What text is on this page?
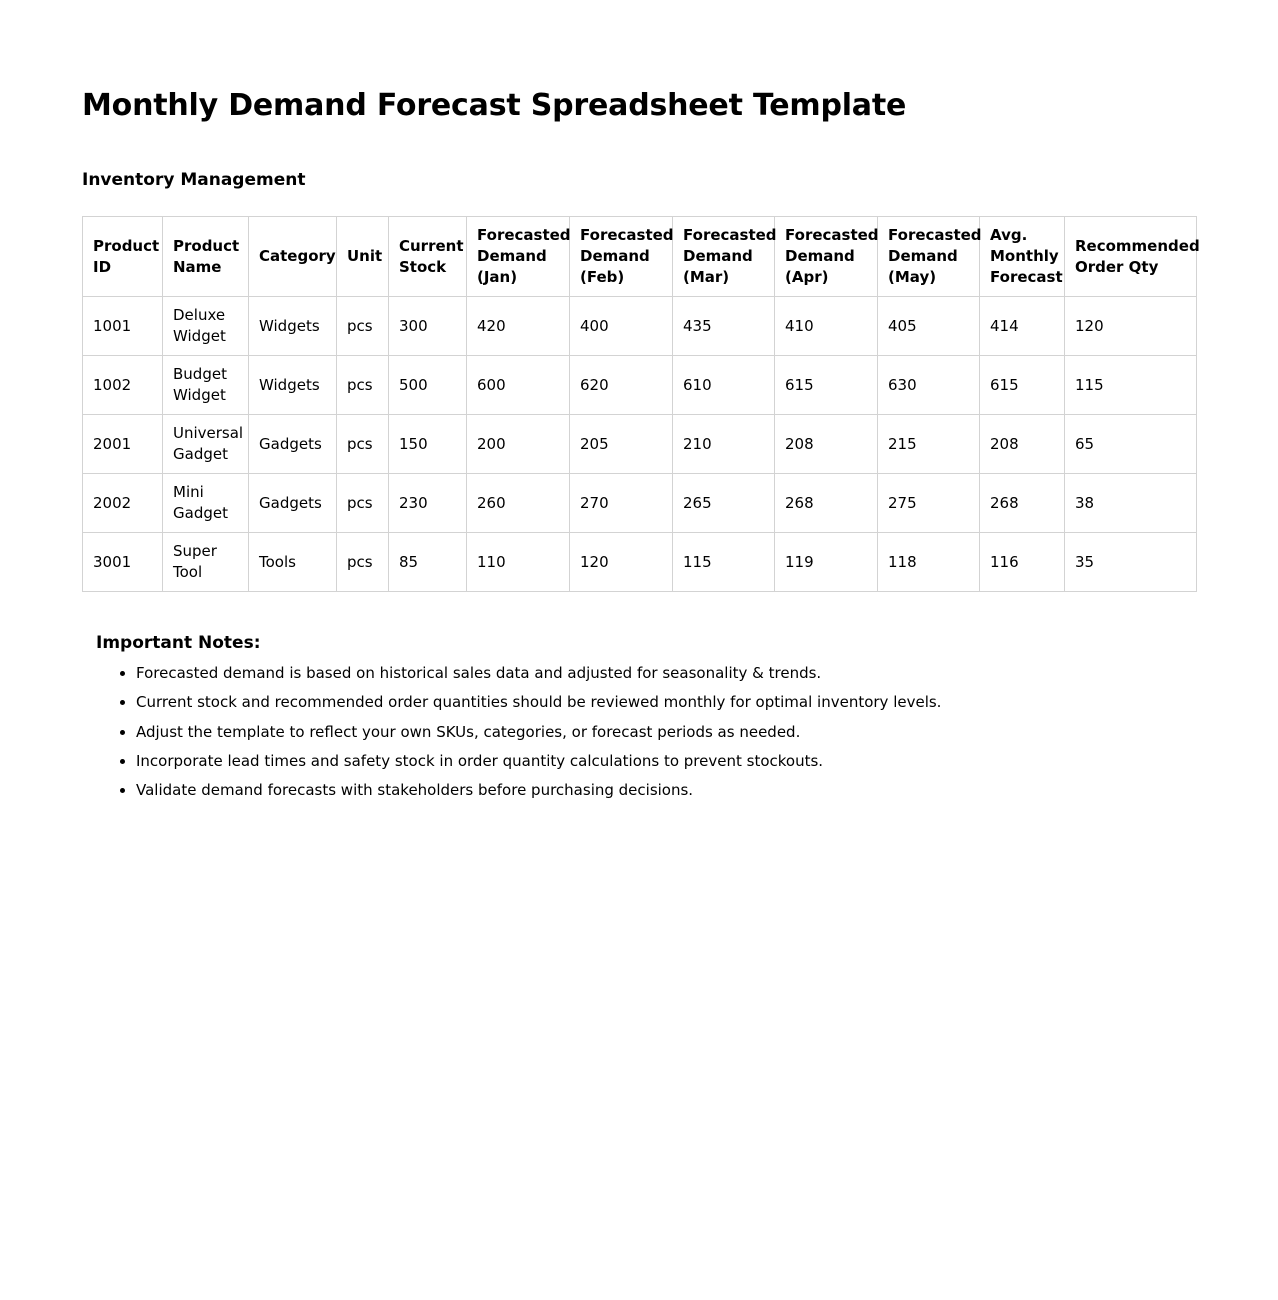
Monthly Demand Forecast Spreadsheet Template
Inventory Management
Product ID	Product Name	Category	Unit	Current Stock	Forecasted Demand (Jan)	Forecasted Demand (Feb)	Forecasted Demand (Mar)	Forecasted Demand (Apr)	Forecasted Demand (May)	Avg. Monthly Forecast	Recommended Order Qty
1001	Deluxe Widget	Widgets	pcs	300	420	400	435	410	405	414	120
1002	Budget Widget	Widgets	pcs	500	600	620	610	615	630	615	115
2001	Universal Gadget	Gadgets	pcs	150	200	205	210	208	215	208	65
2002	Mini Gadget	Gadgets	pcs	230	260	270	265	268	275	268	38
3001	Super Tool	Tools	pcs	85	110	120	115	119	118	116	35
Important Notes:
• Forecasted demand is based on historical sales data and adjusted for seasonality & trends.
• Current stock and recommended order quantities should be reviewed monthly for optimal inventory levels.
• Adjust the template to reflect your own SKUs, categories, or forecast periods as needed.
• Incorporate lead times and safety stock in order quantity calculations to prevent stockouts.
• Validate demand forecasts with stakeholders before purchasing decisions.
